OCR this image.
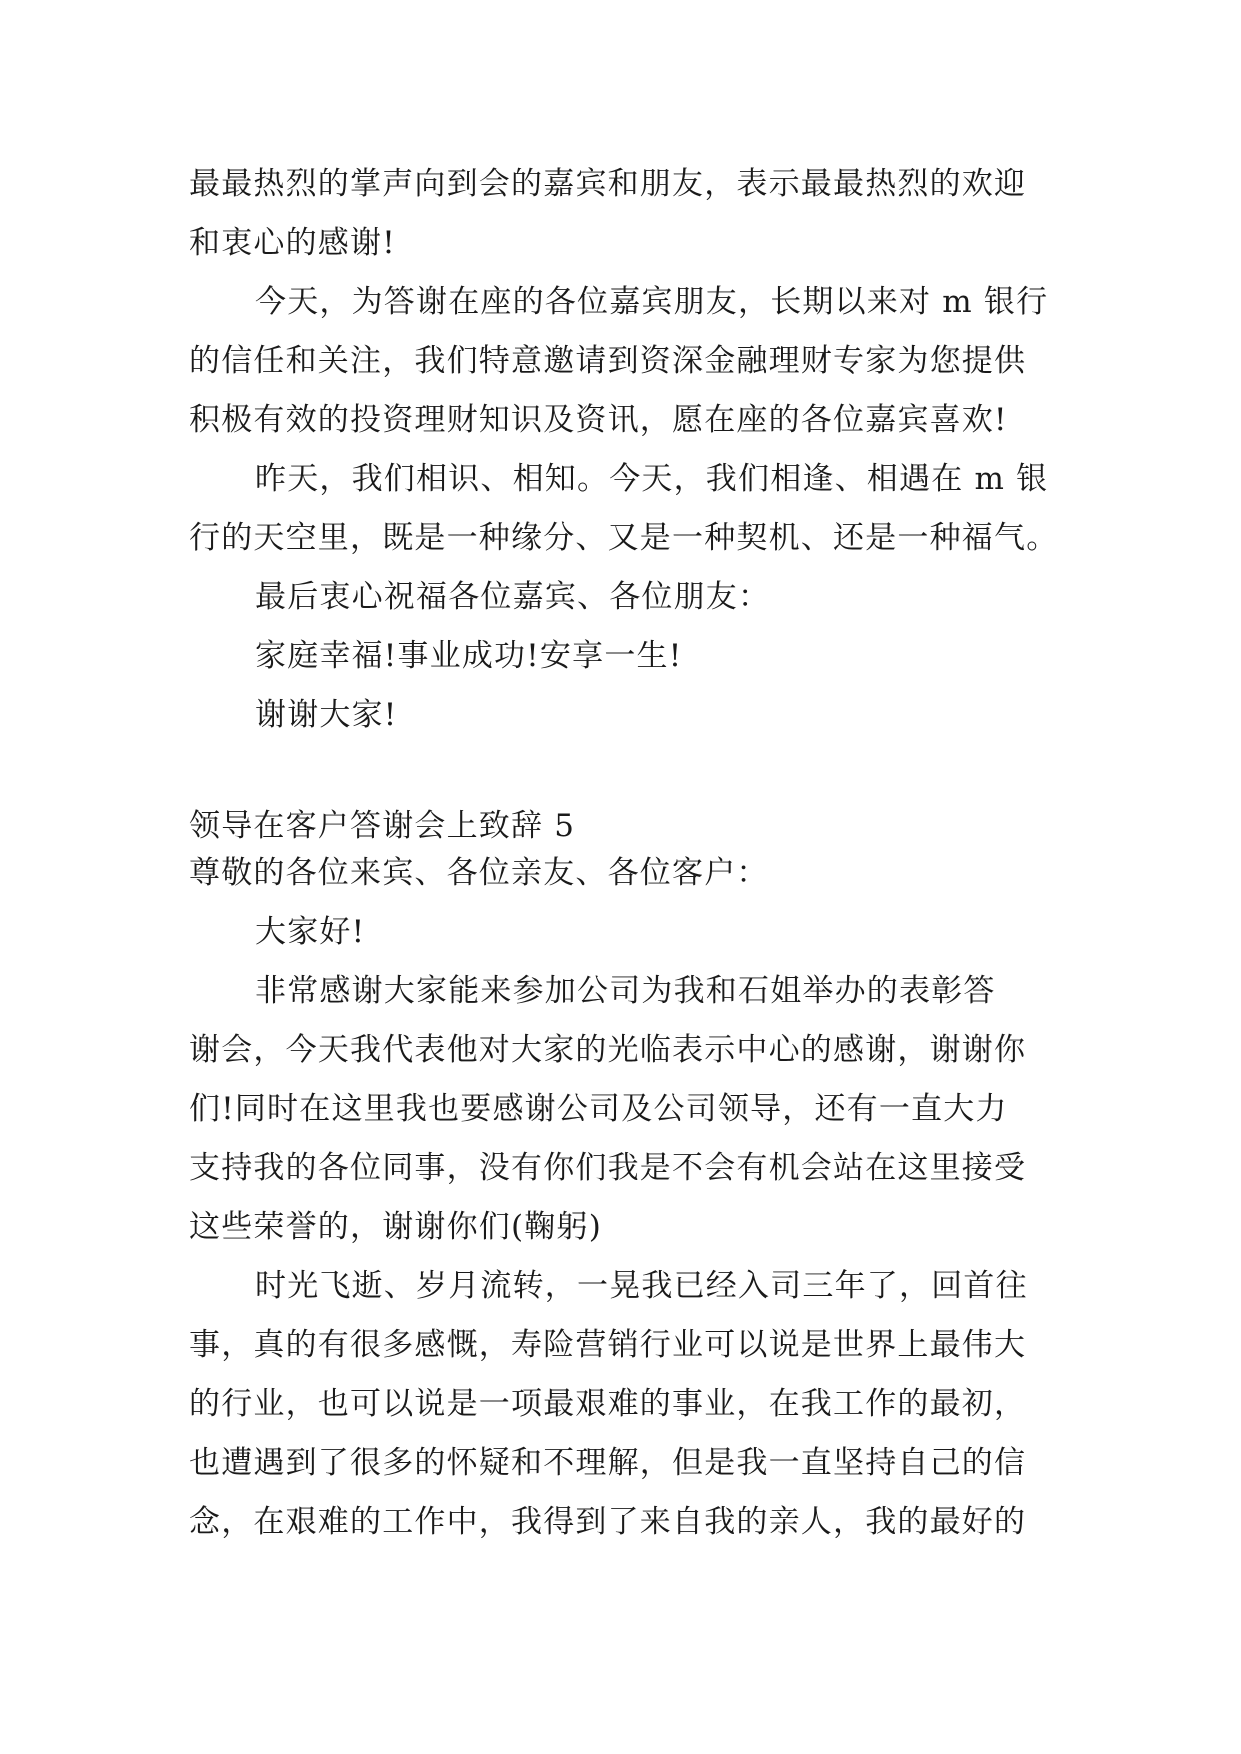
最最热烈的掌声向到会的嘉宾和朋友，表示最最热烈的欢迎

和衷心的感谢!

今天，为答谢在座的各位嘉宾朋友，长期以来对 m 银行

的信任和关注，我们特意邀请到资深金融理财专家为您提供

积极有效的投资理财知识及资讯，愿在座的各位嘉宾喜欢!

昨天，我们相识、相知。今天，我们相逢、相遇在 m 银

行的天空里，既是一种缘分、又是一种契机、还是一种福气。

最后衷心祝福各位嘉宾、各位朋友：

家庭幸福!事业成功!安享一生!

谢谢大家!

领导在客户答谢会上致辞 5

尊敬的各位来宾、各位亲友、各位客户：

大家好!

非常感谢大家能来参加公司为我和石姐举办的表彰答

谢会，今天我代表他对大家的光临表示中心的感谢，谢谢你

们!同时在这里我也要感谢公司及公司领导，还有一直大力

支持我的各位同事，没有你们我是不会有机会站在这里接受

这些荣誉的，谢谢你们(鞠躬)

时光飞逝、岁月流转，一晃我已经入司三年了，回首往

事，真的有很多感慨，寿险营销行业可以说是世界上最伟大

的行业，也可以说是一项最艰难的事业，在我工作的最初，

也遭遇到了很多的怀疑和不理解，但是我一直坚持自己的信

念，在艰难的工作中，我得到了来自我的亲人，我的最好的
